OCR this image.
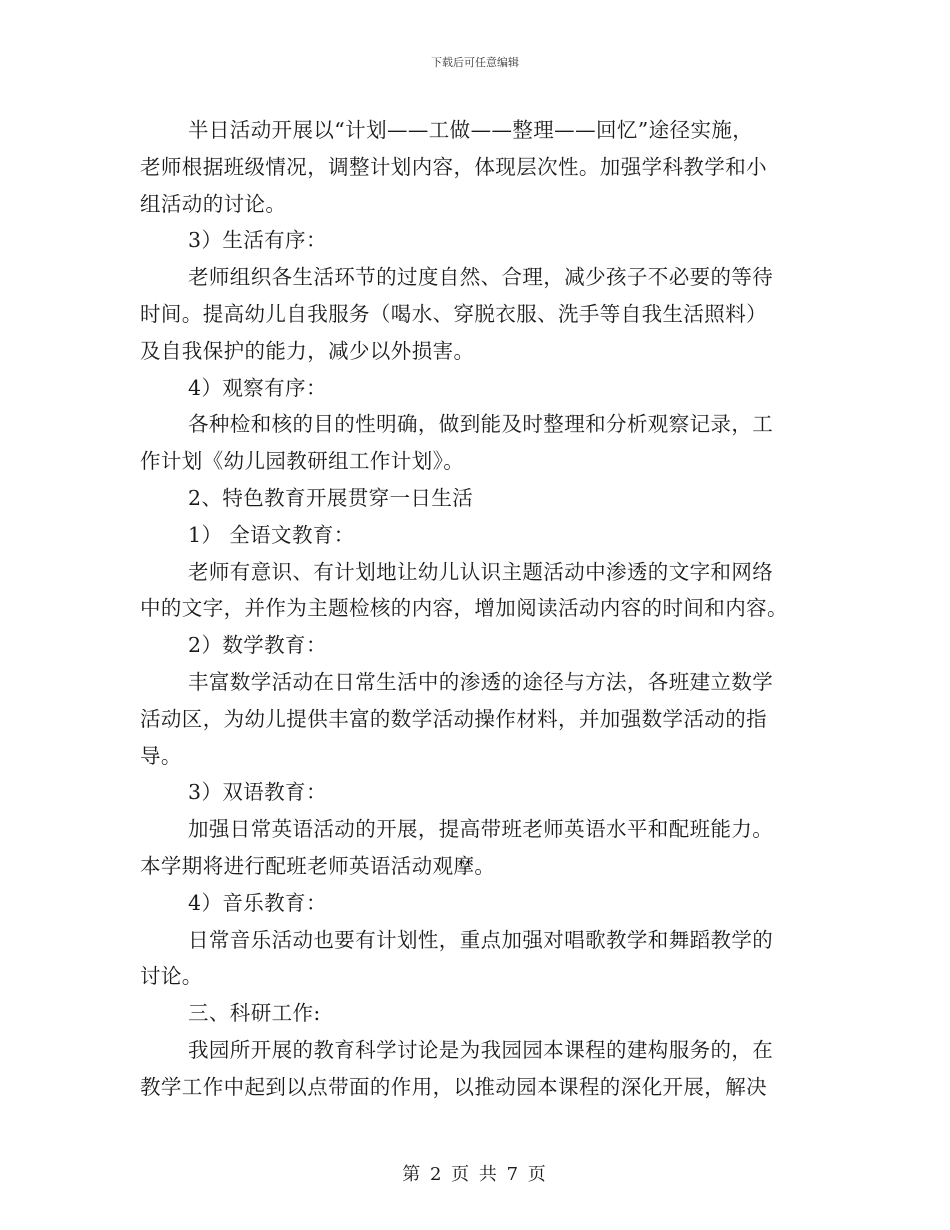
下载后可任意编辑
半日活动开展以“计划——工做——整理——回忆”途径实施，
老师根据班级情况，调整计划内容，体现层次性。加强学科教学和小
组活动的讨论。
3）生活有序：
老师组织各生活环节的过度自然、合理，减少孩子不必要的等待
时间。提高幼儿自我服务（喝水、穿脱衣服、洗手等自我生活照料）
及自我保护的能力，减少以外损害。
4）观察有序：
各种检和核的目的性明确，做到能及时整理和分析观察记录，工
作计划《幼儿园教研组工作计划》。
2、特色教育开展贯穿一日生活
1） 全语文教育：
老师有意识、有计划地让幼儿认识主题活动中渗透的文字和网络
中的文字，并作为主题检核的内容，增加阅读活动内容的时间和内容。
2）数学教育：
丰富数学活动在日常生活中的渗透的途径与方法，各班建立数学
活动区，为幼儿提供丰富的数学活动操作材料，并加强数学活动的指
导。
3）双语教育：
加强日常英语活动的开展，提高带班老师英语水平和配班能力。
本学期将进行配班老师英语活动观摩。
4）音乐教育：
日常音乐活动也要有计划性，重点加强对唱歌教学和舞蹈教学的
讨论。
三、科研工作:
我园所开展的教育科学讨论是为我园园本课程的建构服务的，在
教学工作中起到以点带面的作用，以推动园本课程的深化开展，解决
第 2 页 共 7 页
